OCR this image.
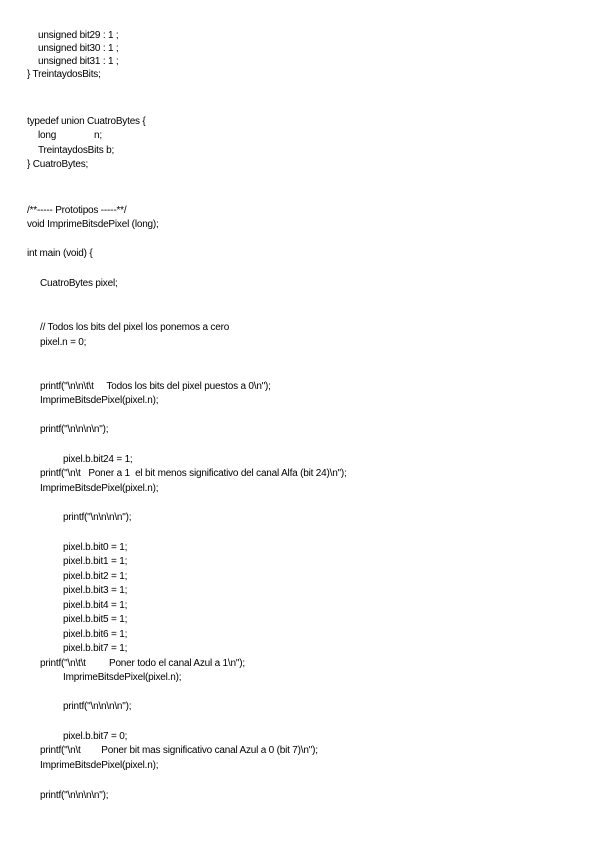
unsigned bit29 : 1 ;
unsigned bit30 : 1 ;
unsigned bit31 : 1 ;
} TreintaydosBits;
typedef union CuatroBytes {
long	n;
TreintaydosBits b;
} CuatroBytes;
/**----- Prototipos -----**/
void ImprimeBitsdePixel (long);
int main (void) {
CuatroBytes pixel;
// Todos los bits del pixel los ponemos a cero
pixel.n = 0;
printf("\n\n\t\t     Todos los bits del pixel puestos a 0\n");
ImprimeBitsdePixel(pixel.n);
printf("\n\n\n\n");
pixel.b.bit24 = 1;
printf("\n\t   Poner a 1  el bit menos significativo del canal Alfa (bit 24)\n");
ImprimeBitsdePixel(pixel.n);
printf("\n\n\n\n");
pixel.b.bit0 = 1;
pixel.b.bit1 = 1;
pixel.b.bit2 = 1;
pixel.b.bit3 = 1;
pixel.b.bit4 = 1;
pixel.b.bit5 = 1;
pixel.b.bit6 = 1;
pixel.b.bit7 = 1;
printf("\n\t\t         Poner todo el canal Azul a 1\n");
ImprimeBitsdePixel(pixel.n);
printf("\n\n\n\n");
pixel.b.bit7 = 0;
printf("\n\t        Poner bit mas significativo canal Azul a 0 (bit 7)\n");
ImprimeBitsdePixel(pixel.n);
printf("\n\n\n\n");
